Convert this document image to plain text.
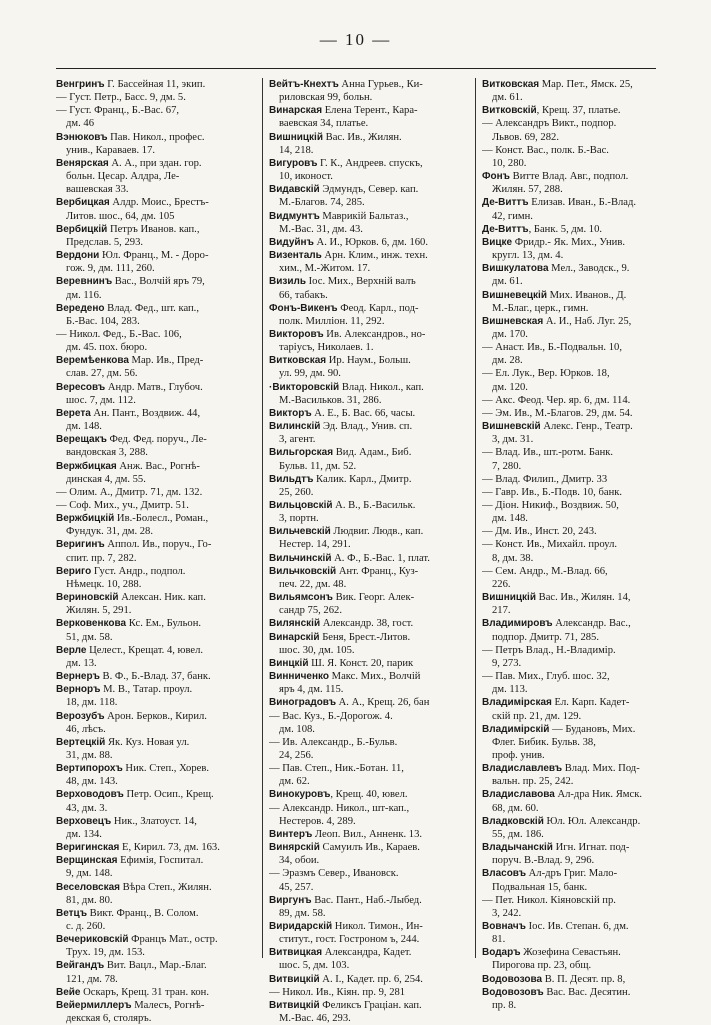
— 10 —
Венгринъ Г. Бассейная 11, экип.
— Густ. Петр., Басс. 9, дм. 5.
— Густ. Франц., Б.-Вас. 67,
дм. 46
Вэнюковъ Пав. Никол., профес.
унив., Караваев. 17.
Венярская А. А., при здан. гор.
больн. Цесар. Алдра, Ле-
вашевская 33.
Вербицкая Алдр. Моис., Брестъ-
Литов. шос., 64, дм. 105
Вербицкій Петръ Иванов. кап.,
Предслав. 5, 293.
Вердони Юл. Франц., М. - Доро-
гож. 9, дм. 111, 260.
Веревнинъ Вас., Волчій яръ 79,
дм. 116.
Вередено Влад. Фед., шт. кап.,
Б.-Вас. 104, 283.
— Никол. Фед., Б.-Вас. 106,
дм. 45. пох. бюро.
Веремѣенкова Мар. Ив., Пред-
слав. 27, дм. 56.
Вересовъ Андр. Матв., Глубоч.
шос. 7, дм. 112.
Верета Ан. Пант., Воздвиж. 44,
дм. 148.
Верещакъ Фед. Фед. поруч., Ле-
вандовская 3, 288.
Вержбицкая Анж. Вас., Рогнѣ-
динская 4, дм. 55.
— Олим. А., Дмитр. 71, дм. 132.
— Соф. Мих., уч., Дмитр. 51.
Вержбицкій Ив.-Болесл., Роман.,
Фундук. 31, дм. 28.
Веригинъ Аппол. Ив., поруч., Го-
спит. пр. 7, 282.
Вериго Густ. Андр., подпол.
Нѣмецк. 10, 288.
Вериновскій Алексан. Ник. кап.
Жилян. 5, 291.
Верковенкова Кс. Ем., Бульон.
51, дм. 58.
Верле Целест., Крещат. 4, ювел.
дм. 13.
Вернеръ В. Ф., Б.-Влад. 37, банк.
Верноръ М. В., Татар. проул.
18, дм. 118.
Верозубъ Арон. Берков., Кирил.
46, лѣсъ.
Вертецкій Як. Куз. Новая ул.
31, дм. 88.
Вертипорохъ Ник. Степ., Хорев.
48, дм. 143.
Верховодовъ Петр. Осип., Крещ.
43, дм. 3.
Верховецъ Ник., Златоуст. 14,
дм. 134.
Веригинская Е, Кирил. 73, дм. 163.
Верщинская Ефимія, Госпитал.
9, дм. 148.
Веселовская Вѣра Степ., Жилян.
81, дм. 80.
Ветцъ Викт. Франц., В. Солом.
с. д. 260.
Вечериковскій Францъ Мат., остр.
Трух. 19, дм. 153.
Вейгандъ Вит. Вацл., Мар.-Благ.
121, дм. 78.
Вейе Оскаръ, Крещ. 31 тран. кон.
Вейермиллеръ Малесъ, Рогнѣ-
декская 6, столяръ.
Вейтъ-Кнехтъ Анна Гурьев., Ки-
риловская 99, больн.
Винарская Елена Терент., Кара-
ваевская 34, платье.
Вишницкій Вас. Ив., Жилян.
14, 218.
Вигуровъ Г. К., Андреев. спускъ,
10, иконост.
Видавскій Эдмундъ, Север. кап.
М.-Благов. 74, 285.
Видмунтъ Маврикій Бальтаз.,
М.-Вас. 31, дм. 43.
Видуйнъ А. И., Юрков. 6, дм. 160.
Визенталь Арн. Клим., инж. техн.
хим., М.-Житом. 17.
Визиль Іос. Мих., Верхній валъ
66, табакъ.
Фонъ-Викенъ Феод. Карл., под-
полк. Милліон. 11, 292.
Викторовъ Ив. Александров., но-
таріусъ, Николаев. 1.
Витковская Ир. Наум., Больш.
ул. 99, дм. 90.
·Викторовскій Влад. Никол., кап.
М.-Васильков. 31, 286.
Викторъ А. Е., Б. Вас. 66, часы.
Вилинскій Эд. Влад., Унив. сп.
3, агент.
Вильгорская Вид. Адам., Биб.
Бульв. 11, дм. 52.
Вильдтъ Калик. Карл., Дмитр.
25, 260.
Вильцовскій А. В., Б.-Васильк.
3, портн.
Вильчевскій Людвиг. Людв., кап.
Нестер. 14, 291.
Вильчинскій А. Ф., Б.-Вас. 1, плат.
Вильчковскій Ант. Франц., Куз-
печ. 22, дм. 48.
Вильямсонъ Вик. Георг. Алек-
сандр 75, 262.
Вилянскій Александр. 38, гост.
Винарскій Беня, Брест.-Литов.
шос. 30, дм. 105.
Винцкій Ш. Я. Конст. 20, парик
Винниченко Макс. Мих., Волчій
яръ 4, дм. 115.
Виноградовъ А. А., Крещ. 26, бан
— Вас. Куз., Б.-Дорогож. 4.
дм. 108.
— Ив. Александр., Б.-Бульв.
24, 256.
— Пав. Степ., Ник.-Ботан. 11,
дм. 62.
Винокуровъ, Крещ. 40, ювел.
— Александр. Никол., шт-кап.,
Нестеров. 4, 289.
Винтеръ Леоп. Вил., Анненк. 13.
Винярскій Самуилъ Ив., Караев.
34, обои.
— Эразмъ Север., Ивановск.
45, 257.
Виргунъ Вас. Пант., Наб.-Лыбед.
89, дм. 58.
Виридарскій Никол. Тимон., Ин-
ститут., гост. Гостроном ъ, 244.
Витвицкая Александра, Кадет.
шос. 5, дм. 103.
Витвицкій А. І., Кадет. пр. 6, 254.
— Никол. Ив., Кіян. пр. 9, 281
Витвицкій Феликсъ Граціан. кап.
М.-Вас. 46, 293.
Витковская Мар. Пет., Ямск. 25,
дм. 61.
Витковскій, Крещ. 37, платье.
— Александръ Викт., подпор.
Львов. 69, 282.
— Конст. Вас., полк. Б.-Вас.
10, 280.
Фонъ Витте Влад. Авг., подпол.
Жилян. 57, 288.
Де-Виттъ Елизав. Иван., Б.-Влад.
42, гимн.
Де-Виттъ, Банк. 5, дм. 10.
Вицке Фридр.- Як. Мих., Унив.
кругл. 13, дм. 4.
Вишкулатова Мел., Заводск., 9.
дм. 61.
Вишневецкій Мих. Иванов., Д.
М.-Благ., церк., гимн.
Вишневская А. И., Наб. Луг. 25,
дм. 170.
— Анаст. Ив., Б.-Подвальн. 10,
дм. 28.
— Ел. Лук., Вер. Юрков. 18,
дм. 120.
— Акс. Феод. Чер. яр. 6, дм. 114.
— Эм. Ив., М.-Благов. 29, дм. 54.
Вишневскій Алекс. Генр., Театр.
3, дм. 31.
— Влад. Ив., шт.-ротм. Банк.
7, 280.
— Влад. Филип., Дмитр. 33
— Гавр. Ив., Б.-Подв. 10, банк.
— Діон. Никиф., Воздвиж. 50,
дм. 148.
— Дм. Ив., Инст. 20, 243.
— Конст. Ив., Михайл. проул.
8, дм. 38.
— Сем. Андр., М.-Влад. 66,
226.
Вишницкій Вас. Ив., Жилян. 14,
217.
Владимировъ Александр. Вас.,
подпор. Дмитр. 71, 285.
— Петръ Влад., Н.-Владимір.
9, 273.
— Пав. Мих., Глуб. шос. 32,
дм. 113.
Владимірская Ел. Карп. Кадет-
скій пр. 21, дм. 129.
Владимірскій — Будановъ, Мих.
Флег. Бибик. Бульв. 38,
проф. унив.
Владиславлевъ Влад. Мих. Под-
вальн. пр. 25, 242.
Владиславова Ал-дра Ник. Ямск.
68, дм. 60.
Владковскій Юл. Юл. Александр.
55, дм. 186.
Владычанскій Игн. Игнат. под-
поруч. В.-Влад. 9, 296.
Власовъ Ал-дръ Григ. Мало-
Подвальная 15, банк.
— Пет. Никол. Кіяновскій пр.
3, 242.
Вовначъ Іос. Ив. Степан. 6, дм.
81.
Водаръ Жозефина Севастьян.
Пирогова пр. 23, общ.
Водовозова В. П. Десят. пр. 8,
Водовозовъ Вас. Вас. Десятин.
пр. 8.
